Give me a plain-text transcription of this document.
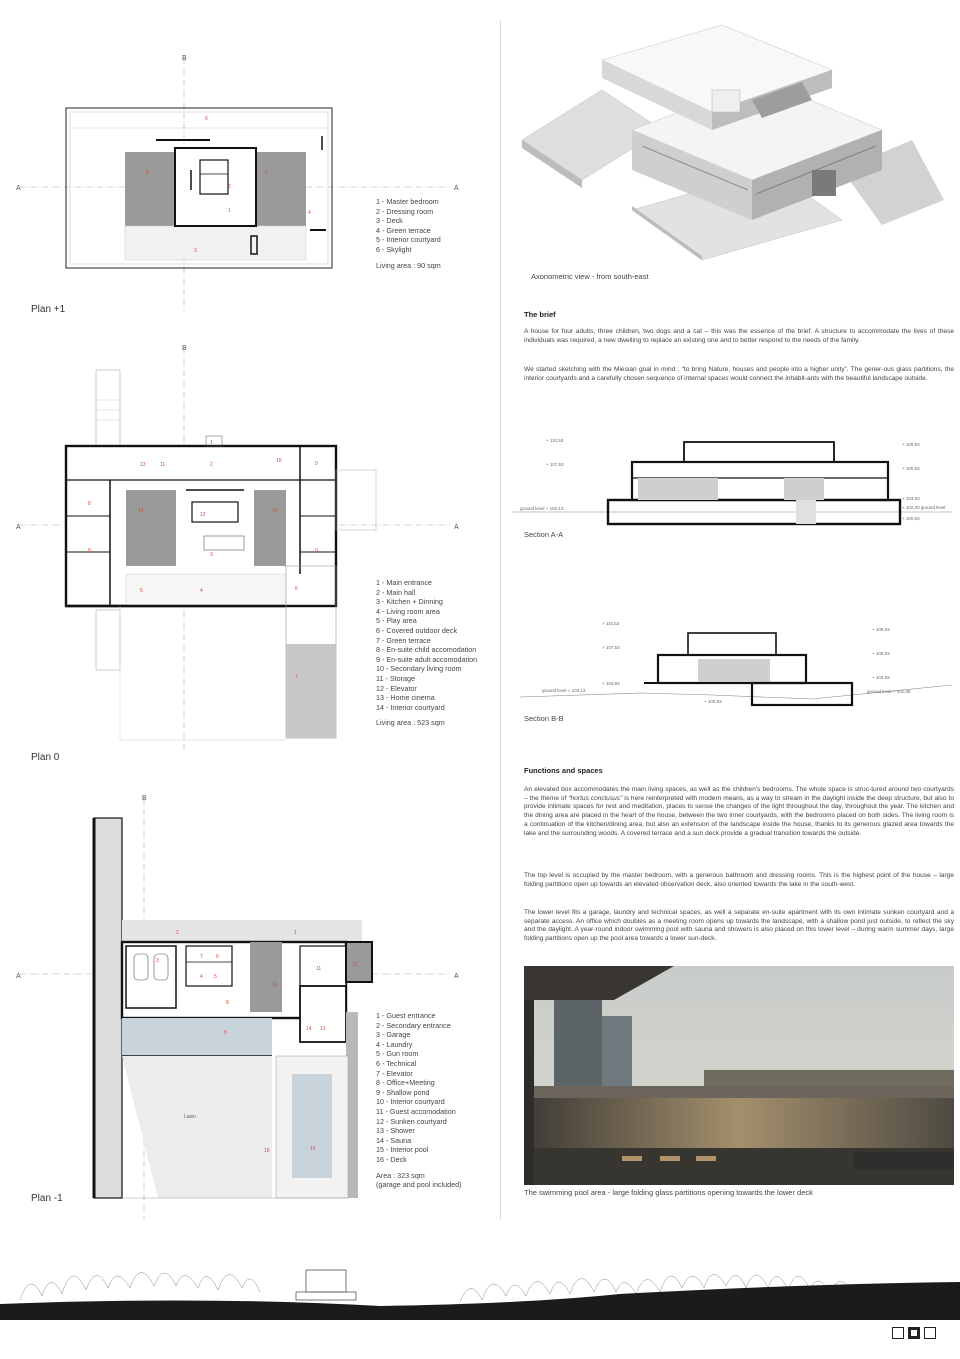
B
A	A
6
1
2
3
4
5	5
Plan +1
1 - Master bedroom
2 - Dressing room
3 - Deck
4 - Green terrace
5 - Interior courtyard
6 - Skylight
Living area : 90 sqm
B
A	A
1
2
3
4
5	6
7
8
8
9
9
10
11
12
13
14	14
Plan 0
1 - Main entrance
2 - Main hall
3 - Kitchen + Dinning
4 - Living room area
5 - Play area
6 - Covered outdoor deck
7 - Green terrace
8 - En-suite child accomodation
9 - En-suite adult accomodation
10 - Secondary living room
11 - Storage
12 - Elevator
13 - Home cinema
14 - Interior courtyard
Living area : 523 sqm
B
A	A
Lawn
1
2
3
4 5
6
7
8
9
10
11
12
13
14
15
16
Plan -1
1 - Guest entrance
2 - Secondary entrance
3 - Garage
4 - Laundry
5 - Gun room
6 - Technical
7 - Elevator
8 - Office+Meeting
9 - Shallow pond
10 - Interior courtyard
11 - Guest accomodation
12 - Sunken courtyard
13 - Shower
14 - Sauna
15 - Interior pool
16 - Deck
Area : 323 sqm
(garage and pool included)
Axonometric view - from south-east
The brief

A house for four adults, three children, two dogs and a cat – this was the essence of the brief. A structure to accommodate the lives of these individuals was required, a new dwelling to replace an existing one and to better respond to the needs of the family.

We started sketching with the Miesian goal in mind : “to bring Nature, houses and people into a higher unity”. The gener-ous glass partitions, the interior courtyards and a carefully chosen sequence of internal spaces would connect the inhabit-ants with the beautiful landscape outside.

+ 110,53
+ 107,53
ground level + 102,13
+ 109,93
+ 106,93
+ 103,93
+ 102,20 ground level
+ 100,93
Section A-A
+ 110,53
+ 107,53
+ 103,93
ground level + 102,13
+ 100,93
+ 109,93
+ 106,93
+ 103,93
ground level + 101,65
Section B-B
Functions and spaces

An elevated box accommodates the main living spaces, as well as the children’s bedrooms. The whole space is struc-tured around two courtyards – the theme of “hortus conclusus” is here reinterpreted with modern means, as a way to stream in the daylight inside the deep structure, but also to provide intimate spaces for rest and meditation, places to sense the changes of the light throughout the day, throughout the year. The kitchen and the dining area are placed in the heart of the house, between the two inner courtyards, with the bedrooms placed on both sides. The living room is a continuation of the kitchen/dining area, but also an extension of the landscape inside the house, thanks to its generous glazed area towards the lake and the surrounding woods. A covered terrace and a sun deck provide a gradual transition towards the outside.

The top level is occupied by the master bedroom, with a generous bathroom and dressing rooms. This is the highest point of the house – large folding partitions open up towards an elevated observation deck, also oriented towards the lake in the south-west.

The lower level fits a garage, laundry and technical spaces, as well a separate en-suite apartment with its own intimate sunken courtyard and a separate access. An office which doubles as a meeting room opens up towards the landscape, with a shallow pond just outside, to reflect the sky and the daylight. A year-round indoor swimming pool with sauna and showers is also placed on this lower level – during warm summer days, large folding partitions open up the pool area towards a lower sun-deck.

The swimming pool area - large folding glass partitions opening towards the lower deck
